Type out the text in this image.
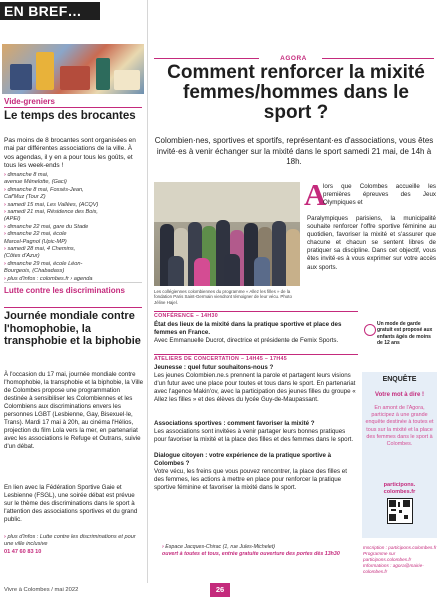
EN BREF…
Vide-greniers
Le temps des brocantes
Pas moins de 8 brocantes sont organisées en mai par différentes associations de la ville. À vos agendas, il y en a pour tous les goûts, et tous les week-ends !
› dimanche 8 mai,
avenue Ménelotte, (Gaci)
› dimanche 8 mai, Fossés-Jean,
Caf'Muz (Tour Z)
› samedi 15 mai, Les Vallées, (ACQV)
› samedi 21 mai, Résidence des Bois,
(APEI)
› dimanche 22 mai, gare du Stade
› dimanche 22 mai, école
Marcel-Pagnol (Upic-MP)
› samedi 28 mai, 4 Chemins,
(Côtes d'Azur)
› dimanche 29 mai, école Léon-
Bourgeois, (Chabadass)
› plus d'infos : colombes.fr › agenda
Lutte contre les discriminations
Journée mondiale contre l'homophobie, la transphobie et la biphobie
À l'occasion du 17 mai, journée mondiale contre l'homophobie, la transphobie et la biphobie, la Ville de Colombes propose une programmation destinée à sensibiliser les Colombiennes et les Colombiens aux discriminations envers les personnes LGBT (Lesbienne, Gay, Bisexuel·le, Trans). Mardi 17 mai à 20h, au cinéma l'Hélios, projection du film Lola vers la mer, en partenariat avec les associations le Refuge et Outrans, suivie d'un débat.
En lien avec la Fédération Sportive Gaie et Lesbienne (FSGL), une soirée débat est prévue sur le thème des discriminations dans le sport à l'attention des associations sportives et du grand public.
› plus d'infos : Lutte contre les discriminations et pour une ville inclusive
01 47 60 83 10
AGORA
Comment renforcer la mixité femmes/hommes dans le sport ?
Colombien·nes, sportives et sportifs, représentant·es d'associations, vous êtes invité·es à venir échanger sur la mixité dans le sport samedi 21 mai, de 14h à 18h.
Les collégiennes colombiennes du programme « Allez les filles » de la fondation Paris Saint-Germain viendront témoigner de leur vécu. Photo Jéline Hajel.
A
lors que Colombes accueille les premières épreuves des Jeux Olympiques et
Paralympiques parisiens, la municipalité souhaite renforcer l'offre sportive féminine au quotidien, favoriser la mixité et s'assurer que chacune et chacun se sentent libres de pratiquer sa discipline. Dans cet objectif, vous êtes invité·es à vous exprimer sur votre accès aux sports.
CONFÉRENCE – 14H30
État des lieux de la mixité dans la pratique sportive et place des femmes en France.
Avec Emmanuelle Ducrot, directrice et présidente de Femix Sports.
ATELIERS DE CONCERTATION – 14H45 – 17H45
Jeunesse : quel futur souhaitons-nous ?
Les jeunes Colombien.ne.s prennent la parole et partagent leurs visions d'un futur avec une place pour toutes et tous dans le sport. En partenariat avec l'agence Makin'ov, avec la participation des jeunes filles du groupe « Allez les filles » et des élèves du lycée Guy-de-Maupassant.
Associations sportives : comment favoriser la mixité ?
Les associations sont invitées à venir partager leurs bonnes pratiques pour favoriser la mixité et la place des filles et des femmes dans le sport.
Dialogue citoyen : votre expérience de la pratique sportive à Colombes ?
Votre vécu, les freins que vous pouvez rencontrer, la place des filles et des femmes, les actions à mettre en place pour renforcer la pratique sportive féminine et favoriser la mixité dans le sport.
› Espace Jacques-Chirac (1, rue Jules-Michelet)
ouvert à toutes et tous, entrée gratuite ouverture des portes dès 13h30
Un mode de garde gratuit est proposé aux enfants âgés de moins de 12 ans
ENQUÊTE
Votre mot à dire !
En amont de l'Agora, participez à une grande enquête destinée à toutes et tous sur la mixité et la place des femmes dans le sport à Colombes.
participons.
colombes.fr
Inscription : participons.colombes.fr Programme sur participons.colombes.fr Informations : agora@mairie-colombes.fr
Vivre à Colombes / mai 2022	26
